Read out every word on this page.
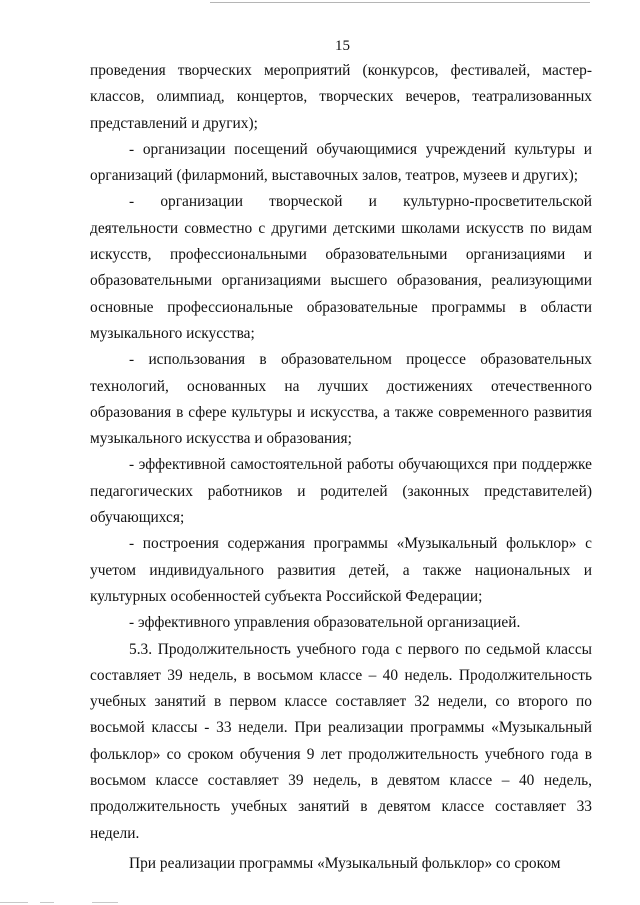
15

проведения творческих мероприятий (конкурсов, фестивалей, мастер-классов, олимпиад, концертов, творческих вечеров, театрализованных представлений и других);

- организации посещений обучающимися учреждений культуры и организаций (филармоний, выставочных залов, театров, музеев и других);

- организации творческой и культурно-просветительской деятельности совместно с другими детскими школами искусств по видам искусств, профессиональными образовательными организациями и образовательными организациями высшего образования, реализующими основные профессиональные образовательные программы в области музыкального искусства;

- использования в образовательном процессе образовательных технологий, основанных на лучших достижениях отечественного образования в сфере культуры и искусства, а также современного развития музыкального искусства и образования;

- эффективной самостоятельной работы обучающихся при поддержке педагогических работников и родителей (законных представителей) обучающихся;

- построения содержания программы «Музыкальный фольклор» с учетом индивидуального развития детей, а также национальных и культурных особенностей субъекта Российской Федерации;

- эффективного управления образовательной организацией.

5.3. Продолжительность учебного года с первого по седьмой классы составляет 39 недель, в восьмом классе – 40 недель. Продолжительность учебных занятий в первом классе составляет 32 недели, со второго по восьмой классы - 33 недели. При реализации программы «Музыкальный фольклор» со сроком обучения 9 лет продолжительность учебного года в восьмом классе составляет 39 недель, в девятом классе – 40 недель, продолжительность учебных занятий в девятом классе составляет 33 недели.

При реализации программы «Музыкальный фольклор» со сроком
